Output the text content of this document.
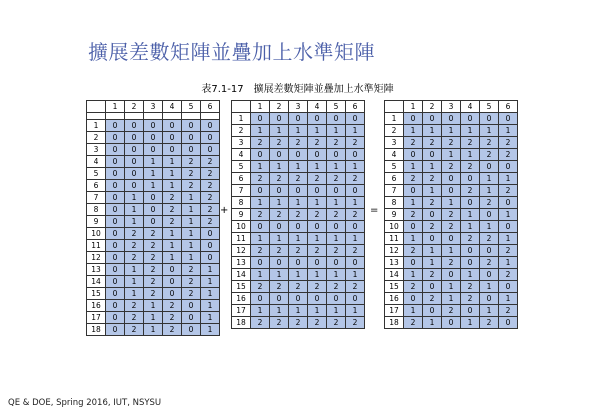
擴展差數矩陣並疊加上水準矩陣
表7.1-17　擴展差數矩陣並疊加上水準矩陣
	1	2	3	4	5	6

1	0	0	0	0	0	0
2	0	0	0	0	0	0
3	0	0	0	0	0	0
4	0	0	1	1	2	2
5	0	0	1	1	2	2
6	0	0	1	1	2	2
7	0	1	0	2	1	2
8	0	1	0	2	1	2
9	0	1	0	2	1	2
10	0	2	2	1	1	0
11	0	2	2	1	1	0
12	0	2	2	1	1	0
13	0	1	2	0	2	1
14	0	1	2	0	2	1
15	0	1	2	0	2	1
16	0	2	1	2	0	1
17	0	2	1	2	0	1
18	0	2	1	2	0	1
+
	1	2	3	4	5	6
1	0	0	0	0	0	0
2	1	1	1	1	1	1
3	2	2	2	2	2	2
4	0	0	0	0	0	0
5	1	1	1	1	1	1
6	2	2	2	2	2	2
7	0	0	0	0	0	0
8	1	1	1	1	1	1
9	2	2	2	2	2	2
10	0	0	0	0	0	0
11	1	1	1	1	1	1
12	2	2	2	2	2	2
13	0	0	0	0	0	0
14	1	1	1	1	1	1
15	2	2	2	2	2	2
16	0	0	0	0	0	0
17	1	1	1	1	1	1
18	2	2	2	2	2	2
=
	1	2	3	4	5	6
1	0	0	0	0	0	0
2	1	1	1	1	1	1
3	2	2	2	2	2	2
4	0	0	1	1	2	2
5	1	1	2	2	0	0
6	2	2	0	0	1	1
7	0	1	0	2	1	2
8	1	2	1	0	2	0
9	2	0	2	1	0	1
10	0	2	2	1	1	0
11	1	0	0	2	2	1
12	2	1	1	0	0	2
13	0	1	2	0	2	1
14	1	2	0	1	0	2
15	2	0	1	2	1	0
16	0	2	1	2	0	1
17	1	0	2	0	1	2
18	2	1	0	1	2	0
QE & DOE, Spring 2016, IUT, NSYSU
